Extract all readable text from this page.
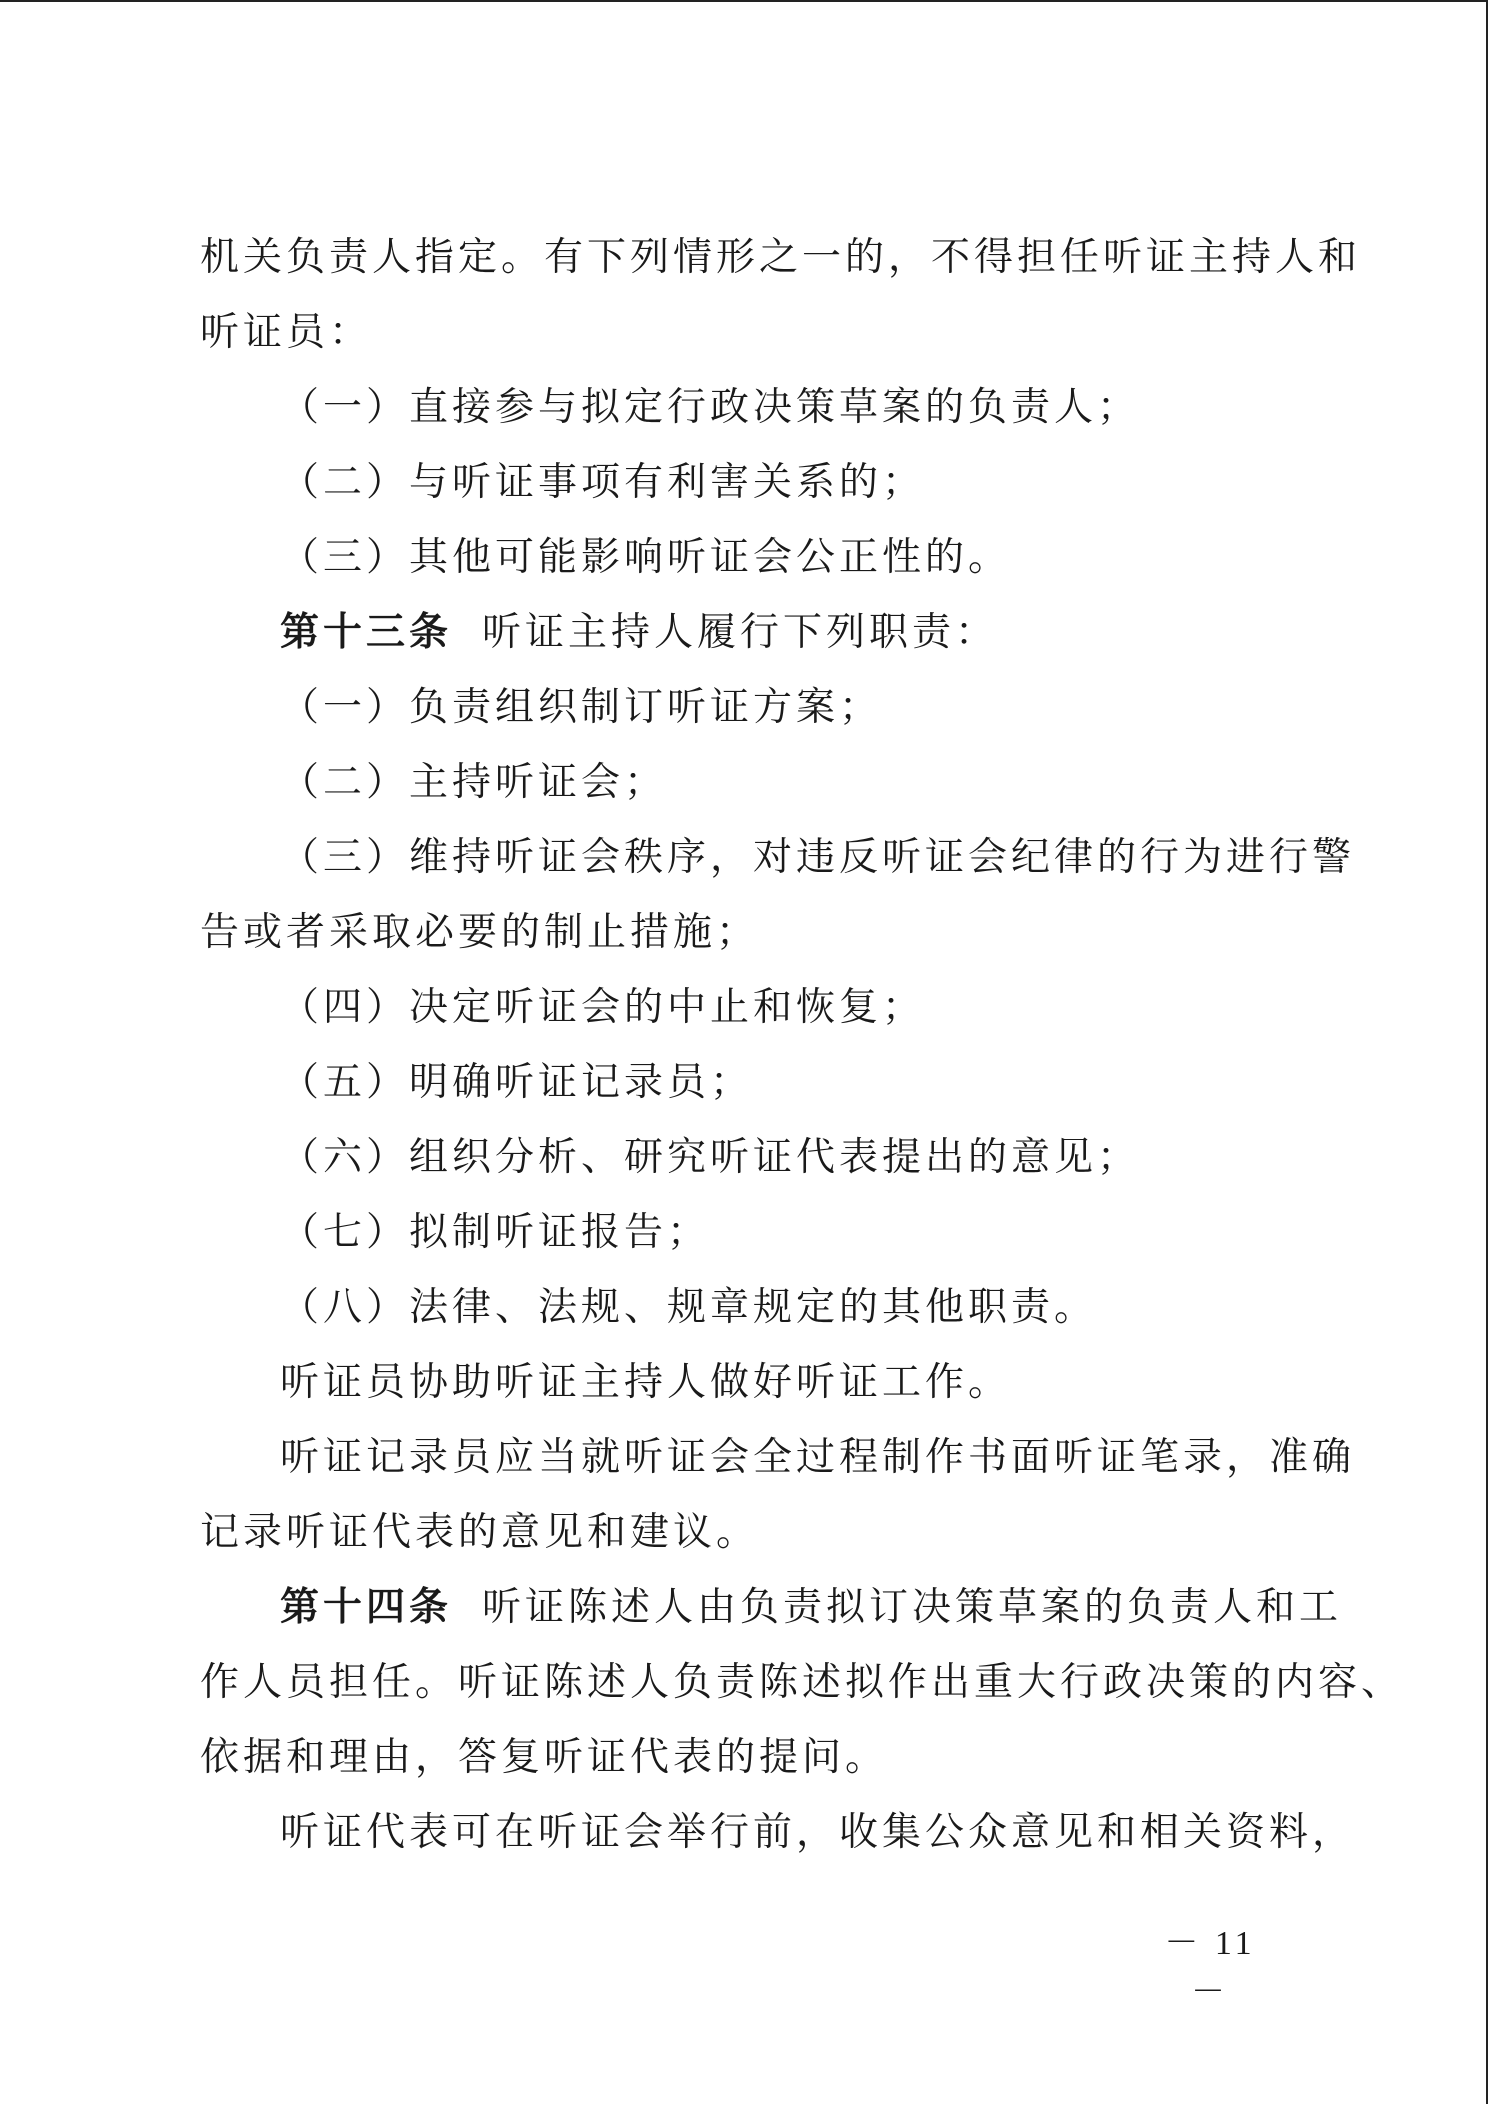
机关负责人指定。有下列情形之一的，不得担任听证主持人和
听证员：
（一）直接参与拟定行政决策草案的负责人；
（二）与听证事项有利害关系的；
（三）其他可能影响听证会公正性的。
第十三条 听证主持人履行下列职责：
（一）负责组织制订听证方案；
（二）主持听证会；
（三）维持听证会秩序，对违反听证会纪律的行为进行警
告或者采取必要的制止措施；
（四）决定听证会的中止和恢复；
（五）明确听证记录员；
（六）组织分析、研究听证代表提出的意见；
（七）拟制听证报告；
（八）法律、法规、规章规定的其他职责。
听证员协助听证主持人做好听证工作。
听证记录员应当就听证会全过程制作书面听证笔录，准确
记录听证代表的意见和建议。
第十四条 听证陈述人由负责拟订决策草案的负责人和工
作人员担任。听证陈述人负责陈述拟作出重大行政决策的内容、
依据和理由，答复听证代表的提问。
听证代表可在听证会举行前，收集公众意见和相关资料，
－ 11 －
